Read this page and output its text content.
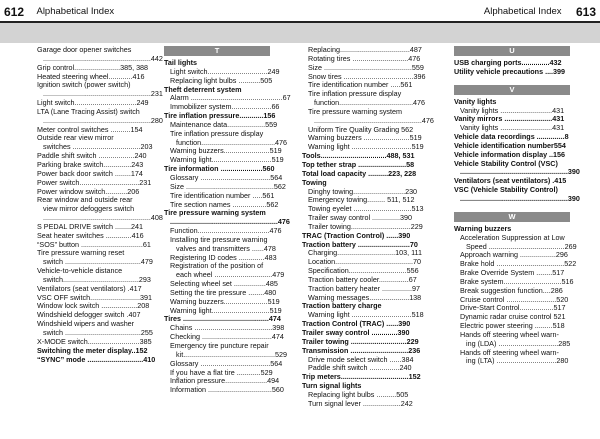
612 Alphabetical Index	Alphabetical Index 613
Garage door opener switches
......................................................442
Grip control.......................385, 388
Heated steering wheel............416
Ignition switch (power switch)
......................................................231
Light switch...............................249
LTA (Lane Tracing Assist) switch
......................................................280
Meter control switches ..........154
Outside rear view mirror
switches ..................................203
Paddle shift switch ..................240
Parking brake switch..............243
Power back door switch ........174
Power switch..............................231
Power window switch...........206
Rear window and outside rear
view mirror defoggers switch
......................................................408
S PEDAL DRIVE switch ........241
Seat heater switches .............416
“SOS” button ...............................61
Tire pressure warning reset
switch ......................................479
Vehicle-to-vehicle distance
switch......................................293
Ventilators (seat ventilators) .417
VSC OFF switch.........................391
Window lock switch ..................208
Windshield defogger switch .407
Windshield wipers and washer
switch ......................................255
X-MODE switch..........................385
Switching the meter display..152
“SYNC” mode ............................410
T
Tail lights
Light switch..............................249
Replacing light bulbs ...........505
Theft deterrent system
Alarm ..............................................67
Immobilizer system....................66
Tire inflation pressure............156
Maintenance data...................559
Tire inflation pressure display
function.....................................476
Warning buzzers.......................519
Warning light..............................519
Tire information .....................560
Glossary ...................................564
Size ............................................562
Tire identification number .....561
Tire section names .................562
Tire pressure warning system
......................................................476
Function....................................476
Installing tire pressure warning
valves and transmitters ......478
Registering ID codes .............483
Registration of the position of
each wheel .............................479
Selecting wheel set ................485
Setting the tire pressure ........480
Warning buzzers......................519
Warning light.............................519
Tires ...........................................474
Chains .......................................398
Checking ...................................474
Emergency tire puncture repair
kit..............................................529
Glossary ...................................564
If you have a flat tire ............529
Inflation pressure.....................494
Information ................................560
Replacing...................................487
Rotating tires ............................476
Size ............................................559
Snow tires ...................................396
Tire identification number .....561
Tire inflation pressure display
function.....................................476
Tire pressure warning system
......................................................476
Uniform Tire Quality Grading 562
Warning buzzers .......................519
Warning light ..............................519
Tools.................................488, 531
Top tether strap ........................58
Total load capacity ..........223, 228
Towing
Dinghy towing..........................230
Emergency towing......... 511, 512
Towing eyelet .............................513
Trailer sway control ..............390
Trailer towing..............................229
TRAC (Traction Control) ......390
Traction battery ..........................70
Charging.............................103, 111
Location.......................................70
Specification.............................556
Traction battery cooler...............67
Traction battery heater ...............97
Warning messages....................138
Traction battery charge
Warning light ..............................518
Traction Control (TRAC) ......390
Trailer sway control .............390
Trailer towing ............................229
Transmission .............................236
Drive mode select switch ......384
Paddle shift switch ...............240
Trip meters..................................152
Turn signal lights
Replacing light bulbs ..........505
Turn signal lever ...................242
U
USB charging ports..............432
Utility vehicle precautions ....399
V
Vanity lights
Vanity lights ..........................431
Vanity mirrors ........................431
Vanity lights ..........................431
Vehicle data recordings ..............8
Vehicle identification number554
Vehicle information display ..156
Vehicle Stability Control (VSC)
......................................................390
Ventilators (seat ventilators) .415
VSC (Vehicle Stability Control)
......................................................390
W
Warning buzzers
Acceleration Suppression at Low
Speed ......................................269
Approach warning ..................296
Brake hold ..................................522
Brake Override System ........517
Brake system.............................516
Break suggestion function....286
Cruise control .........................520
Drive-Start Control.................517
Dynamic radar cruise control 521
Electric power steering .........518
Hands off steering wheel warn-
ing (LDA) ..............................285
Hands off steering wheel warn-
ing (LTA) ..............................280
